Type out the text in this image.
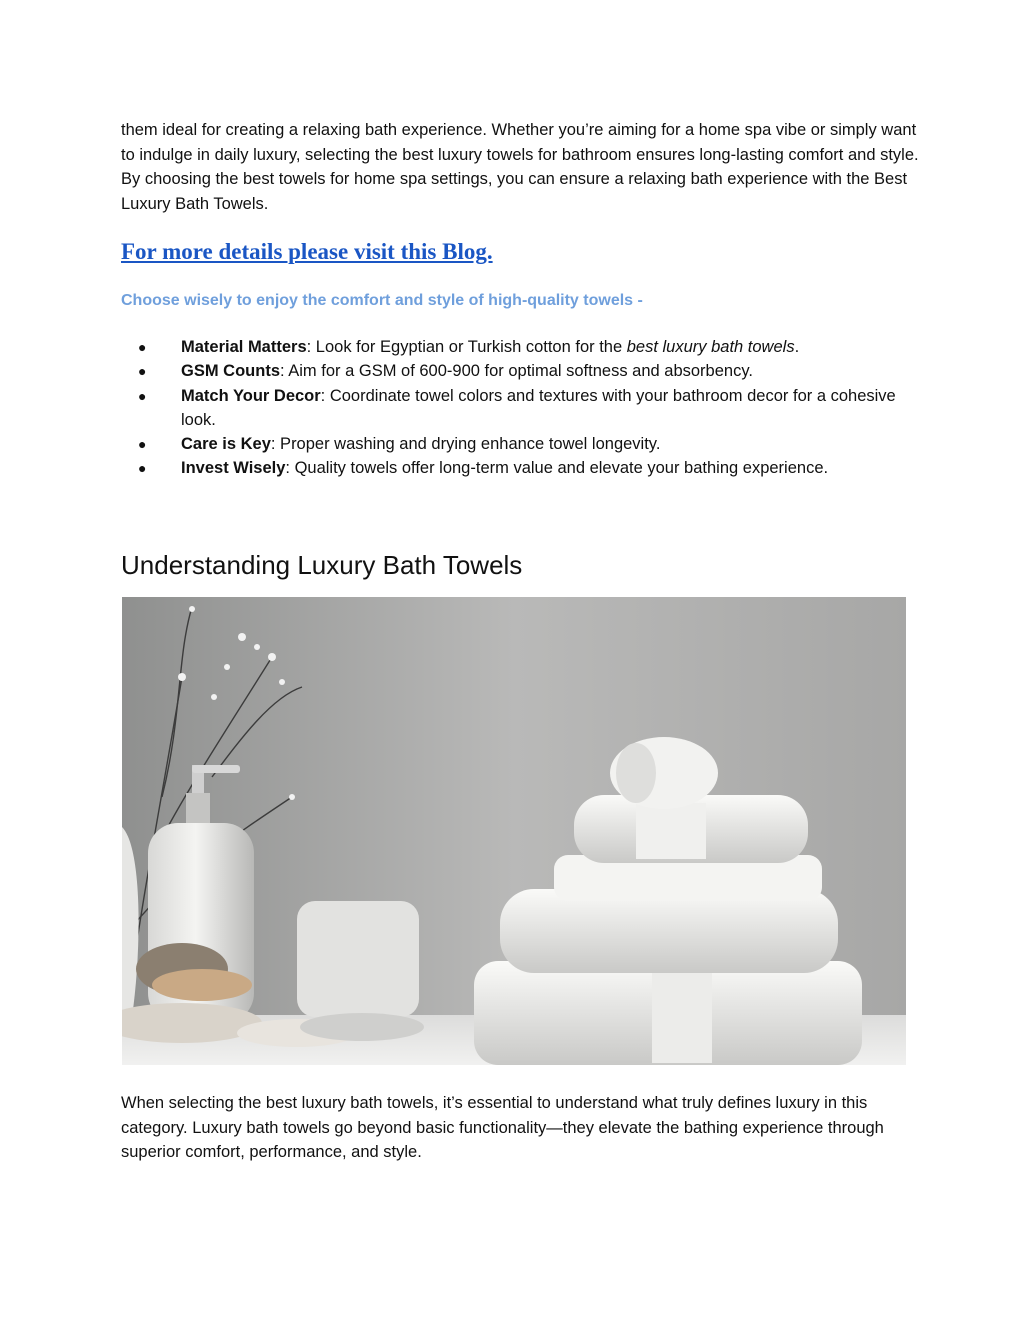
them ideal for creating a relaxing bath experience. Whether you’re aiming for a home spa vibe or simply want to indulge in daily luxury, selecting the best luxury towels for bathroom ensures long-lasting comfort and style. By choosing the best towels for home spa settings, you can ensure a relaxing bath experience with the Best Luxury Bath Towels.

For more details please visit this Blog.

Choose wisely to enjoy the comfort and style of high-quality towels -

● Material Matters: Look for Egyptian or Turkish cotton for the best luxury bath towels.
● GSM Counts: Aim for a GSM of 600-900 for optimal softness and absorbency.
● Match Your Decor: Coordinate towel colors and textures with your bathroom decor for a cohesive look.
● Care is Key: Proper washing and drying enhance towel longevity.
● Invest Wisely: Quality towels offer long-term value and elevate your bathing experience.
Understanding Luxury Bath Towels

When selecting the best luxury bath towels, it’s essential to understand what truly defines luxury in this category. Luxury bath towels go beyond basic functionality—they elevate the bathing experience through superior comfort, performance, and style.
